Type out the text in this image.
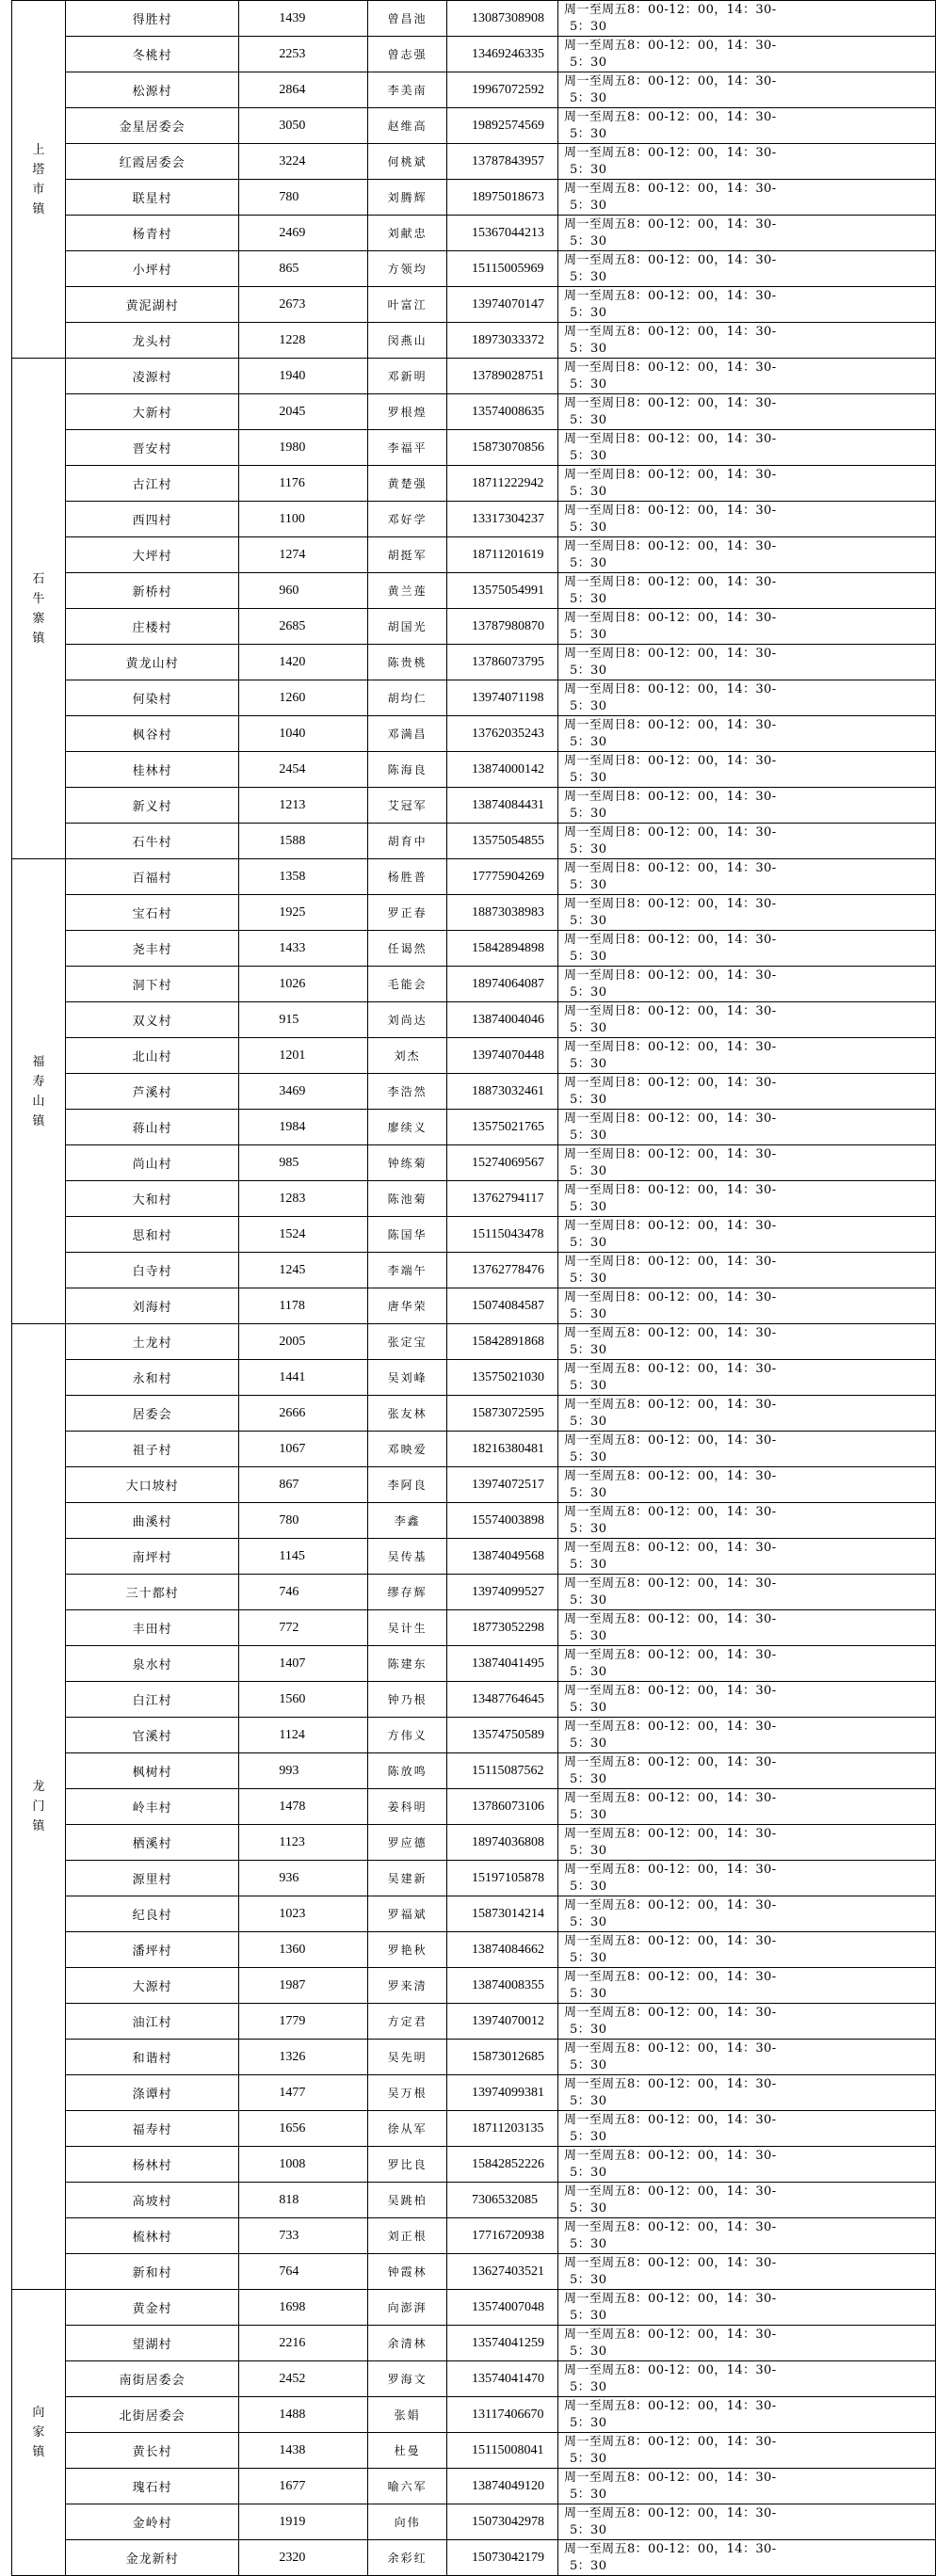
上塔市镇	得胜村	1439	曾昌池	13087308908	周一至周五8：00-12：00，14：30-
5：30

	冬桃村	2253	曾志强	13469246335	周一至周五8：00-12：00，14：30-
5：30

	松源村	2864	李美南	19967072592	周一至周五8：00-12：00，14：30-
5：30

	金星居委会	3050	赵维高	19892574569	周一至周五8：00-12：00，14：30-
5：30

	红霞居委会	3224	何桃斌	13787843957	周一至周五8：00-12：00，14：30-
5：30

	联星村	780	刘腾辉	18975018673	周一至周五8：00-12：00，14：30-
5：30

	杨青村	2469	刘献忠	15367044213	周一至周五8：00-12：00，14：30-
5：30

	小坪村	865	方领均	15115005969	周一至周五8：00-12：00，14：30-
5：30

	黄泥湖村	2673	叶富江	13974070147	周一至周五8：00-12：00，14：30-
5：30

	龙头村	1228	闵燕山	18973033372	周一至周五8：00-12：00，14：30-
5：30

石牛寨镇	凌源村	1940	邓新明	13789028751	周一至周日8：00-12：00，14：30-
5：30

	大新村	2045	罗根煌	13574008635	周一至周日8：00-12：00，14：30-
5：30

	晋安村	1980	李福平	15873070856	周一至周日8：00-12：00，14：30-
5：30

	古江村	1176	黄楚强	18711222942	周一至周日8：00-12：00，14：30-
5：30

	西四村	1100	邓好学	13317304237	周一至周日8：00-12：00，14：30-
5：30

	大坪村	1274	胡挺军	18711201619	周一至周日8：00-12：00，14：30-
5：30

	新桥村	960	黄兰莲	13575054991	周一至周日8：00-12：00，14：30-
5：30

	庄楼村	2685	胡国光	13787980870	周一至周日8：00-12：00，14：30-
5：30

	黄龙山村	1420	陈贵桃	13786073795	周一至周日8：00-12：00，14：30-
5：30

	何染村	1260	胡均仁	13974071198	周一至周日8：00-12：00，14：30-
5：30

	枫谷村	1040	邓满昌	13762035243	周一至周日8：00-12：00，14：30-
5：30

	桂林村	2454	陈海良	13874000142	周一至周日8：00-12：00，14：30-
5：30

	新义村	1213	艾冠军	13874084431	周一至周日8：00-12：00，14：30-
5：30

	石牛村	1588	胡育中	13575054855	周一至周日8：00-12：00，14：30-
5：30

福寿山镇	百福村	1358	杨胜普	17775904269	周一至周日8：00-12：00，14：30-
5：30

	宝石村	1925	罗正春	18873038983	周一至周日8：00-12：00，14：30-
5：30

	尧丰村	1433	任谒然	15842894898	周一至周日8：00-12：00，14：30-
5：30

	洞下村	1026	毛能会	18974064087	周一至周日8：00-12：00，14：30-
5：30

	双义村	915	刘尚达	13874004046	周一至周日8：00-12：00，14：30-
5：30

	北山村	1201	刘杰	13974070448	周一至周日8：00-12：00，14：30-
5：30

	芦溪村	3469	李浩然	18873032461	周一至周日8：00-12：00，14：30-
5：30

	蒋山村	1984	廖续义	13575021765	周一至周日8：00-12：00，14：30-
5：30

	尚山村	985	钟练菊	15274069567	周一至周日8：00-12：00，14：30-
5：30

	大和村	1283	陈池菊	13762794117	周一至周日8：00-12：00，14：30-
5：30

	思和村	1524	陈国华	15115043478	周一至周日8：00-12：00，14：30-
5：30

	白寺村	1245	李端午	13762778476	周一至周日8：00-12：00，14：30-
5：30

	刘海村	1178	唐华荣	15074084587	周一至周日8：00-12：00，14：30-
5：30

龙门镇	土龙村	2005	张定宝	15842891868	周一至周五8：00-12：00，14：30-
5：30

	永和村	1441	吴刘峰	13575021030	周一至周五8：00-12：00，14：30-
5：30

	居委会	2666	张友林	15873072595	周一至周五8：00-12：00，14：30-
5：30

	祖子村	1067	邓映爱	18216380481	周一至周五8：00-12：00，14：30-
5：30

	大口坡村	867	李阿良	13974072517	周一至周五8：00-12：00，14：30-
5：30

	曲溪村	780	李鑫	15574003898	周一至周五8：00-12：00，14：30-
5：30

	南坪村	1145	吴传基	13874049568	周一至周五8：00-12：00，14：30-
5：30

	三十都村	746	缪存辉	13974099527	周一至周五8：00-12：00，14：30-
5：30

	丰田村	772	吴计生	18773052298	周一至周五8：00-12：00，14：30-
5：30

	泉水村	1407	陈建东	13874041495	周一至周五8：00-12：00，14：30-
5：30

	白江村	1560	钟乃根	13487764645	周一至周五8：00-12：00，14：30-
5：30

	官溪村	1124	方伟义	13574750589	周一至周五8：00-12：00，14：30-
5：30

	枫树村	993	陈放鸣	15115087562	周一至周五8：00-12：00，14：30-
5：30

	岭丰村	1478	姜科明	13786073106	周一至周五8：00-12：00，14：30-
5：30

	栖溪村	1123	罗应德	18974036808	周一至周五8：00-12：00，14：30-
5：30

	源里村	936	吴建新	15197105878	周一至周五8：00-12：00，14：30-
5：30

	纪良村	1023	罗福斌	15873014214	周一至周五8：00-12：00，14：30-
5：30

	潘坪村	1360	罗艳秋	13874084662	周一至周五8：00-12：00，14：30-
5：30

	大源村	1987	罗来清	13874008355	周一至周五8：00-12：00，14：30-
5：30

	油江村	1779	方定君	13974070012	周一至周五8：00-12：00，14：30-
5：30

	和谐村	1326	吴先明	15873012685	周一至周五8：00-12：00，14：30-
5：30

	涤谭村	1477	吴万根	13974099381	周一至周五8：00-12：00，14：30-
5：30

	福寿村	1656	徐从军	18711203135	周一至周五8：00-12：00，14：30-
5：30

	杨林村	1008	罗比良	15842852226	周一至周五8：00-12：00，14：30-
5：30

	高坡村	818	吴跳柏	7306532085	周一至周五8：00-12：00，14：30-
5：30

	梳林村	733	刘正根	17716720938	周一至周五8：00-12：00，14：30-
5：30

	新和村	764	钟霞林	13627403521	周一至周五8：00-12：00，14：30-
5：30

向家镇	黄金村	1698	向澎湃	13574007048	周一至周五8：00-12：00，14：30-
5：30

	望湖村	2216	余清林	13574041259	周一至周五8：00-12：00，14：30-
5：30

	南街居委会	2452	罗海文	13574041470	周一至周五8：00-12：00，14：30-
5：30

	北街居委会	1488	张娟	13117406670	周一至周五8：00-12：00，14：30-
5：30

	黄长村	1438	杜曼	15115008041	周一至周五8：00-12：00，14：30-
5：30

	瑰石村	1677	喻六军	13874049120	周一至周五8：00-12：00，14：30-
5：30

	金岭村	1919	向伟	15073042978	周一至周五8：00-12：00，14：30-
5：30

	金龙新村	2320	余彩红	15073042179	周一至周五8：00-12：00，14：30-
5：30
